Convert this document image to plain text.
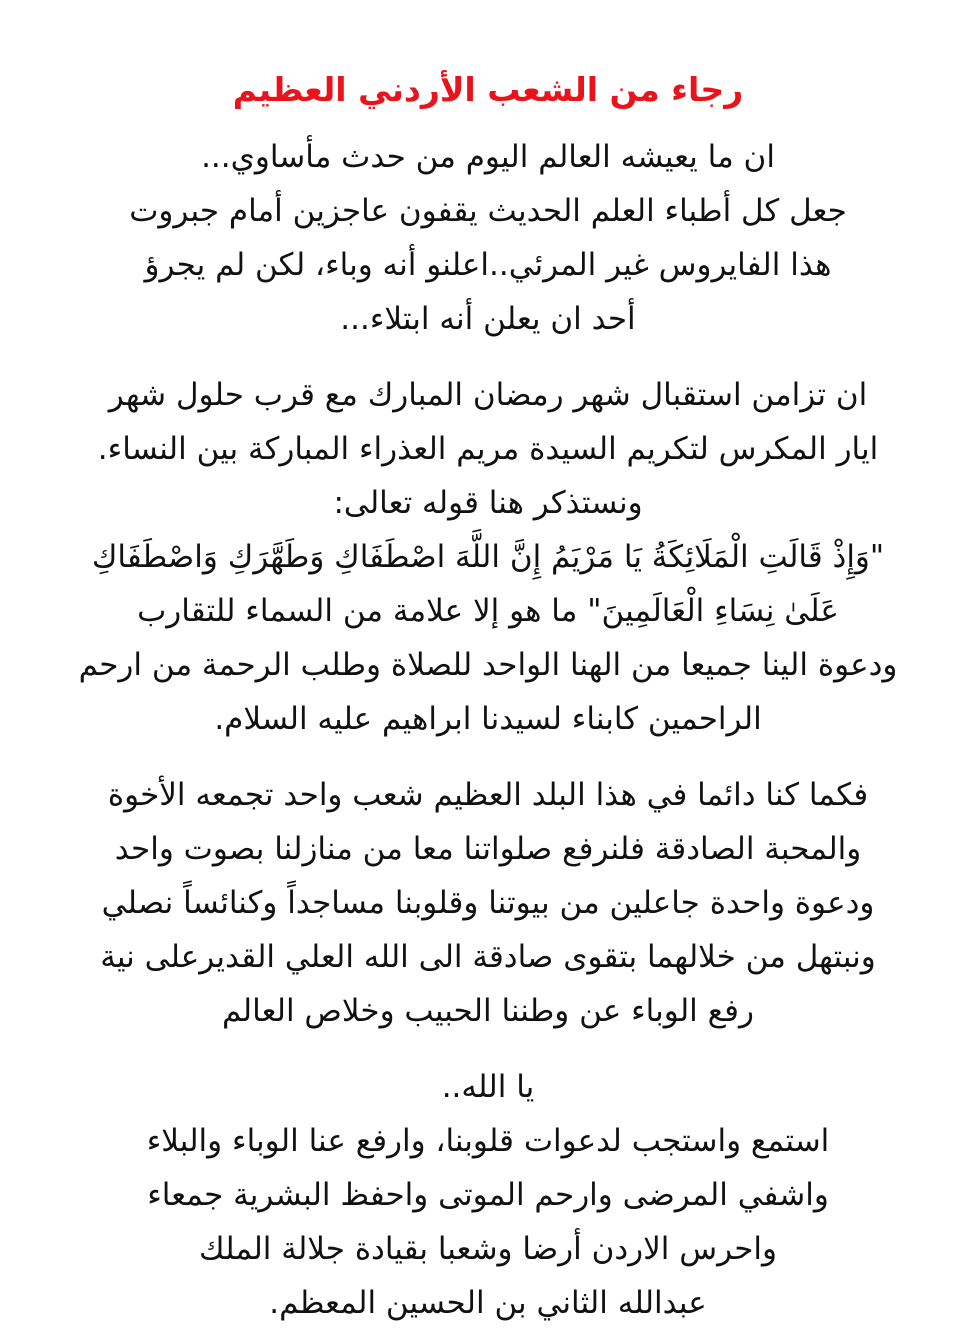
رجاء من الشعب الأردني العظيم
ان ما يعيشه العالم اليوم من حدث مأساوي...
جعل كل أطباء العلم الحديث يقفون عاجزين أمام جبروت
هذا الفايروس غير المرئي..اعلنو أنه وباء، لكن لم يجرؤ
أحد ان يعلن أنه ابتلاء...
ان تزامن استقبال شهر رمضان المبارك مع قرب حلول شهر
ايار المكرس لتكريم السيدة مريم العذراء المباركة بين النساء.
ونستذكر هنا قوله تعالى:
"وَإِذْ قَالَتِ الْمَلَائِكَةُ يَا مَرْيَمُ إِنَّ اللَّهَ اصْطَفَاكِ وَطَهَّرَكِ وَاصْطَفَاكِ
عَلَىٰ نِسَاءِ الْعَالَمِينَ" ما هو إلا علامة من السماء للتقارب
ودعوة الينا جميعا من الهنا الواحد للصلاة وطلب الرحمة من ارحم
الراحمين كابناء لسيدنا ابراهيم عليه السلام.
فكما كنا دائما في هذا البلد العظيم شعب واحد تجمعه الأخوة
والمحبة الصادقة فلنرفع صلواتنا معا من منازلنا بصوت واحد
ودعوة واحدة جاعلين من بيوتنا وقلوبنا مساجداً وكنائساً نصلي
ونبتهل من خلالهما بتقوى صادقة الى الله العلي القديرعلى نية
رفع الوباء عن وطننا الحبيب وخلاص العالم
يا الله..
استمع واستجب لدعوات قلوبنا، وارفع عنا الوباء والبلاء
واشفي المرضى وارحم الموتى واحفظ البشرية جمعاء
واحرس الاردن أرضا وشعبا بقيادة جلالة الملك
عبدالله الثاني بن الحسين المعظم.
